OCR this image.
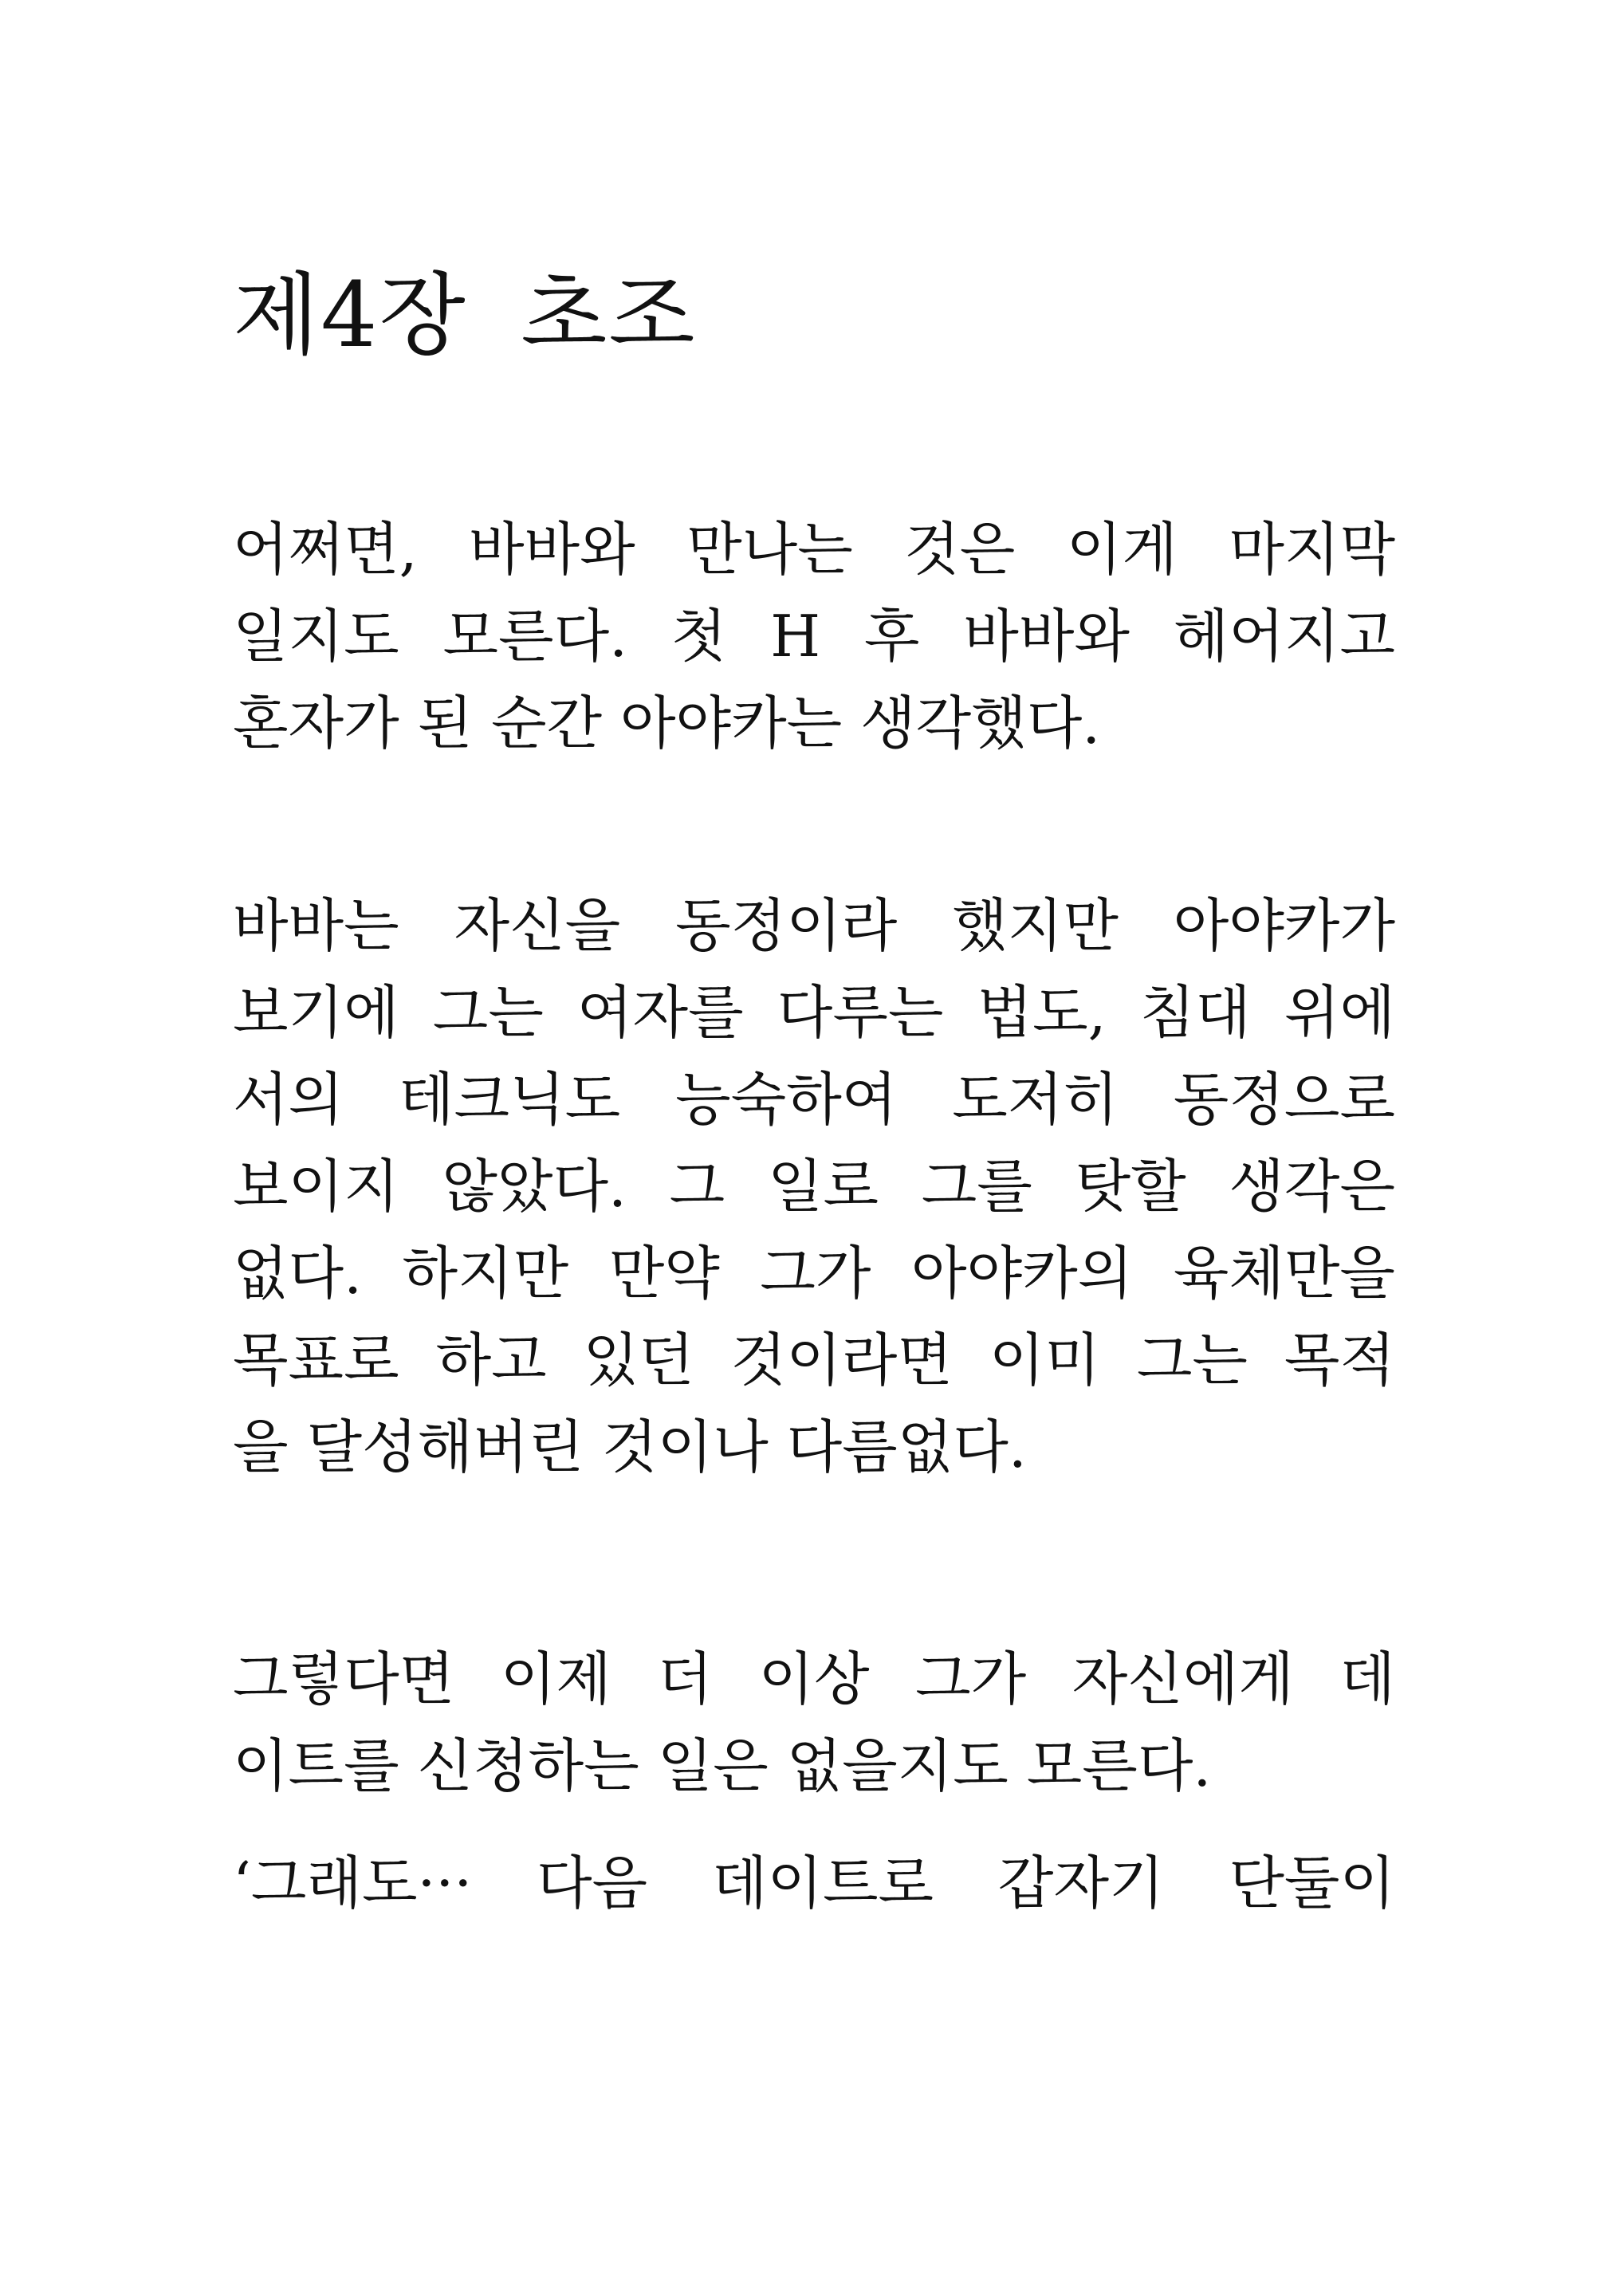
제4장 초조
어쩌면, 바바와 만나는 것은 이게 마지막
일지도 모른다. 첫 H 후 바바와 헤어지고
혼자가 된 순간 아야카는 생각했다.
바바는 자신을 동정이라 했지만 아야카가
보기에 그는 여자를 다루는 법도, 침대 위에
서의 테크닉도 능숙하여 도저히 동정으로
보이지 않았다. 그 일로 그를 탓할 생각은
없다. 하지만 만약 그가 아야카의 육체만을
목표로 하고 있던 것이라면 이미 그는 목적
을 달성해버린 것이나 다름없다.
그렇다면 이제 더 이상 그가 자신에게 데
이트를 신청하는 일은 없을지도 모른다.
‘그래도··· 다음 데이트로 갑자기 단둘이
